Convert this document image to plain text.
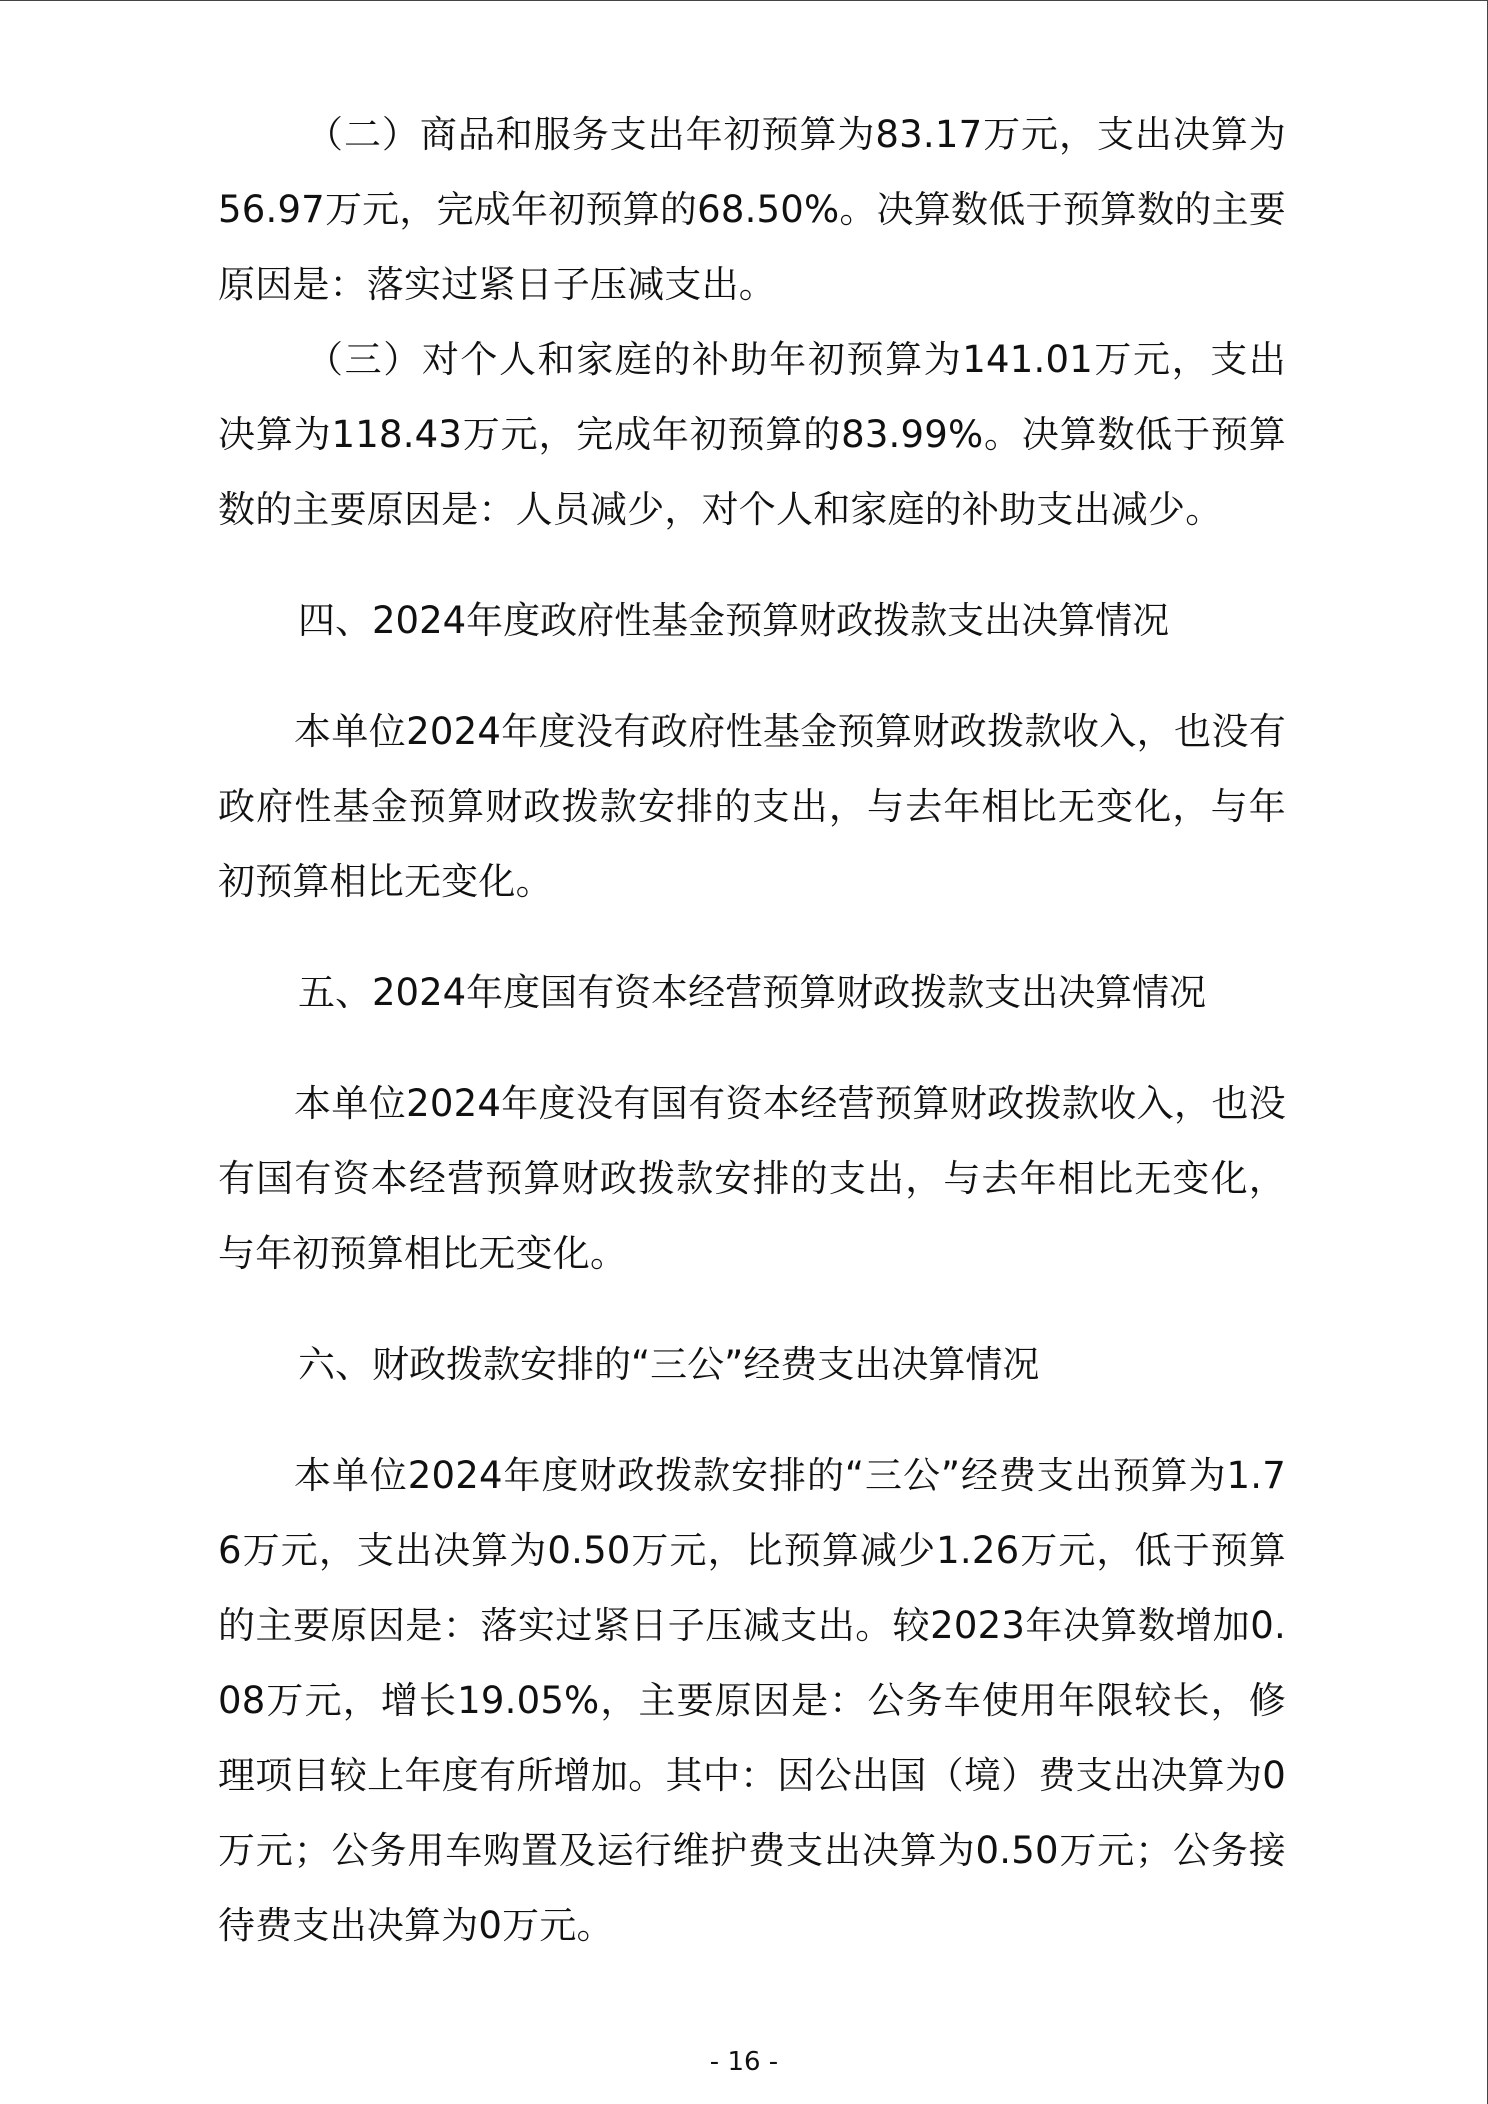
（二）商品和服务支出年初预算为83.17万元，支出决算为56.97万元，完成年初预算的68.50%。决算数低于预算数的主要原因是：落实过紧日子压减支出。

（三）对个人和家庭的补助年初预算为141.01万元，支出决算为118.43万元，完成年初预算的83.99%。决算数低于预算数的主要原因是：人员减少，对个人和家庭的补助支出减少。

四、2024年度政府性基金预算财政拨款支出决算情况

本单位2024年度没有政府性基金预算财政拨款收入，也没有政府性基金预算财政拨款安排的支出，与去年相比无变化，与年初预算相比无变化。

五、2024年度国有资本经营预算财政拨款支出决算情况

本单位2024年度没有国有资本经营预算财政拨款收入，也没有国有资本经营预算财政拨款安排的支出，与去年相比无变化，与年初预算相比无变化。

六、财政拨款安排的“三公”经费支出决算情况

本单位2024年度财政拨款安排的“三公”经费支出预算为1.76万元，支出决算为0.50万元，比预算减少1.26万元，低于预算的主要原因是：落实过紧日子压减支出。较2023年决算数增加0.08万元，增长19.05%，主要原因是：公务车使用年限较长，修理项目较上年度有所增加。其中：因公出国（境）费支出决算为0万元；公务用车购置及运行维护费支出决算为0.50万元；公务接待费支出决算为0万元。

- 16 -
